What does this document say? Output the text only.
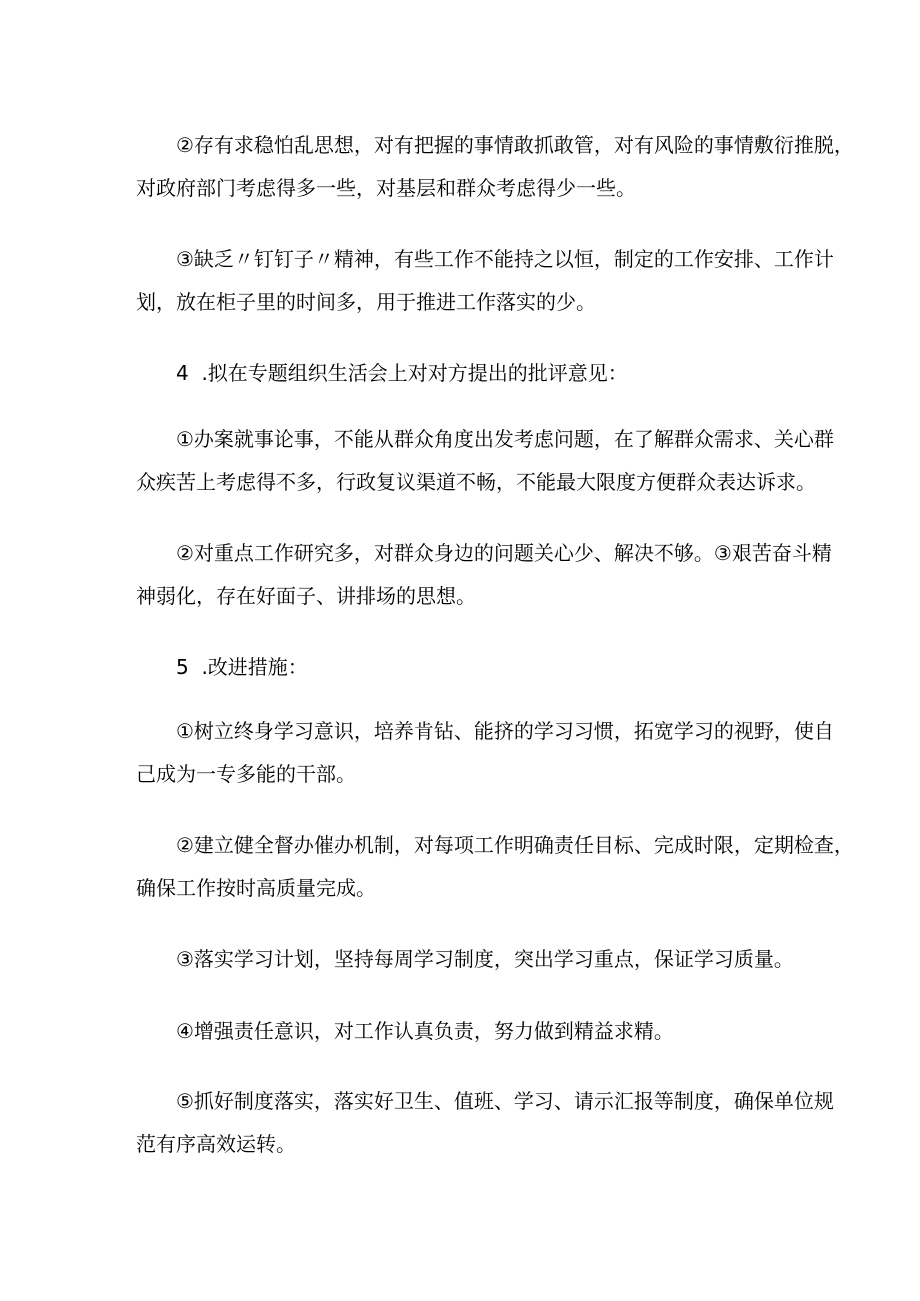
②存有求稳怕乱思想，对有把握的事情敢抓敢管，对有风险的事情敷衍推脱，
对政府部门考虑得多一些，对基层和群众考虑得少一些。

③缺乏〃钉钉子〃精神，有些工作不能持之以恒，制定的工作安排、工作计
划，放在柜子里的时间多，用于推进工作落实的少。

4  .拟在专题组织生活会上对对方提出的批评意见：

①办案就事论事，不能从群众角度出发考虑问题，在了解群众需求、关心群
众疾苦上考虑得不多，行政复议渠道不畅，不能最大限度方便群众表达诉求。

②对重点工作研究多，对群众身边的问题关心少、解决不够。③艰苦奋斗精
神弱化，存在好面子、讲排场的思想。

5  .改进措施：

①树立终身学习意识，培养肯钻、能挤的学习习惯，拓宽学习的视野，使自
己成为一专多能的干部。

②建立健全督办催办机制，对每项工作明确责任目标、完成时限，定期检查，
确保工作按时高质量完成。

③落实学习计划，坚持每周学习制度，突出学习重点，保证学习质量。

④增强责任意识，对工作认真负责，努力做到精益求精。

⑤抓好制度落实，落实好卫生、值班、学习、请示汇报等制度，确保单位规
范有序高效运转。
